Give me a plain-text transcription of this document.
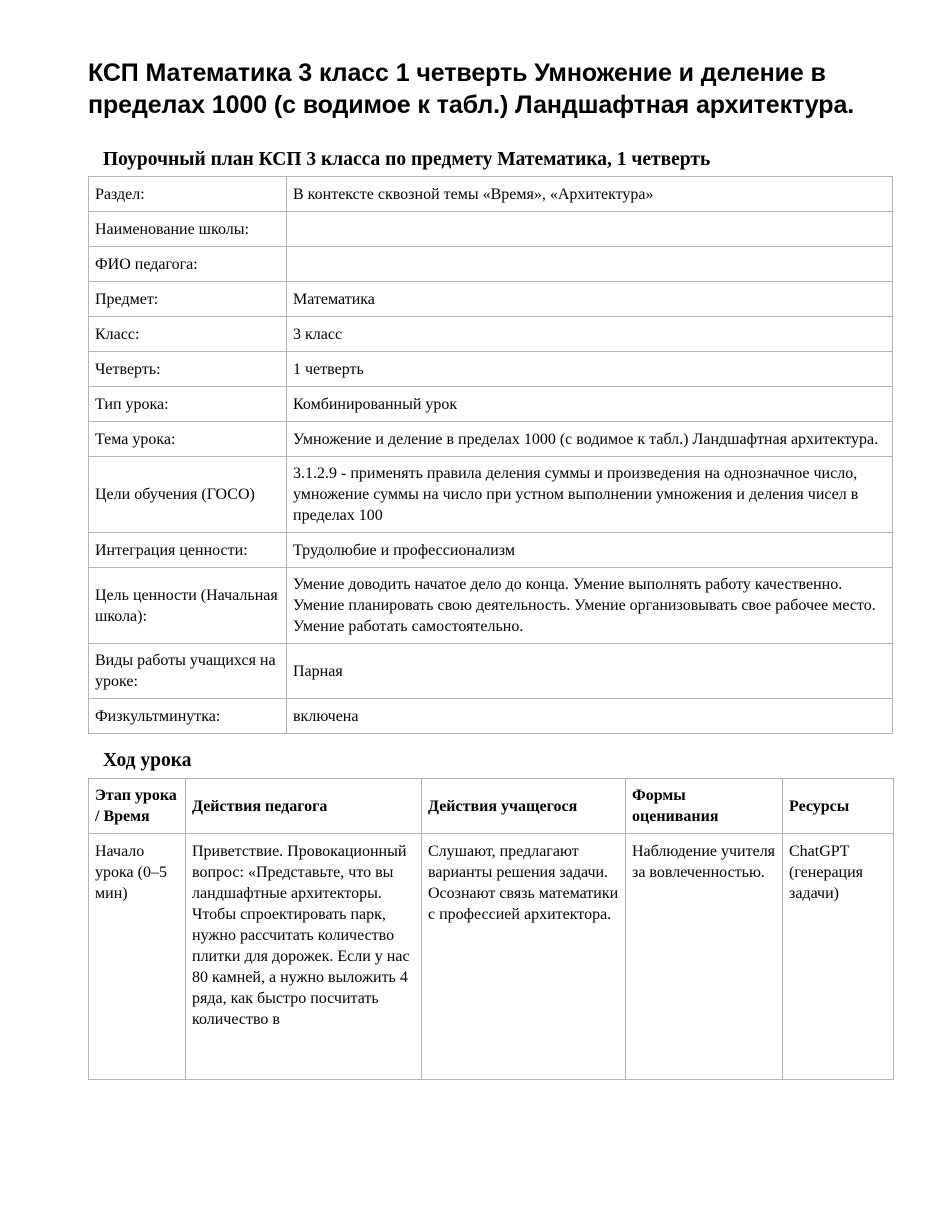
КСП Математика 3 класс 1 четверть Умножение и деление в пределах 1000 (с водимое к табл.) Ландшафтная архитектура.
Поурочный план КСП 3 класса по предмету Математика, 1 четверть
Раздел:	В контексте сквозной темы «Время», «Архитектура»
Наименование школы:	
ФИО педагога:	
Предмет:	Математика
Класс:	3 класс
Четверть:	1 четверть
Тип урока:	Комбинированный урок
Тема урока:	Умножение и деление в пределах 1000 (с водимое к табл.) Ландшафтная архитектура.
Цели обучения (ГОСО)	3.1.2.9 - применять правила деления суммы и произведения на однозначное число, умножение суммы на число при устном выполнении умножения и деления чисел в пределах 100
Интеграция ценности:	Трудолюбие и профессионализм
Цель ценности (Начальная школа):	Умение доводить начатое дело до конца. Умение выполнять работу качественно. Умение планировать свою деятельность. Умение организовывать свое рабочее место. Умение работать самостоятельно.
Виды работы учащихся на уроке:	Парная
Физкультминутка:	включена
Ход урока
Этап урока / Время	Действия педагога	Действия учащегося	Формы оценивания	Ресурсы
Начало урока (0–5 мин)	Приветствие. Провокационный вопрос: «Представьте, что вы ландшафтные архитекторы. Чтобы спроектировать парк, нужно рассчитать количество плитки для дорожек. Если у нас 80 камней, а нужно выложить 4 ряда, как быстро посчитать количество в	Слушают, предлагают варианты решения задачи. Осознают связь математики с профессией архитектора.	Наблюдение учителя за вовлеченностью.	ChatGPT (генерация задачи)
